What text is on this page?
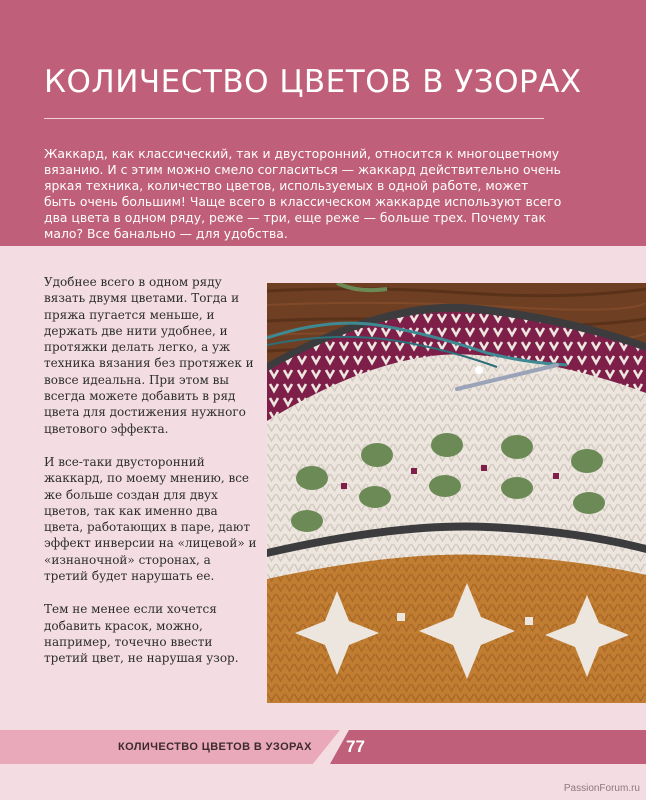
КОЛИЧЕСТВО ЦВЕТОВ В УЗОРАХ

Жаккард, как классический, так и двусторонний, относится к многоцветному вязанию. И с этим можно смело согласиться — жаккард действительно очень яркая техника, количество цветов, используемых в одной работе, может быть очень большим! Чаще всего в классическом жаккарде используют всего два цвета в одном ряду, реже — три, еще реже — больше трех. Почему так мало? Все банально — для удобства.

Удобнее всего в одном ряду вязать двумя цветами. Тогда и пряжа пугается меньше, и держать две нити удобнее, и протяжки делать легко, а уж техника вязания без протяжек и вовсе идеальна. При этом вы всегда можете добавить в ряд цвета для достижения нужного цветового эффекта.

И все-таки двусторонний жаккард, по моему мнению, все же больше создан для двух цветов, так как именно два цвета, работающих в паре, дают эффект инверсии на «лицевой» и «изнаночной» сторонах, а третий будет нарушать ее.

Тем не менее если хочется добавить красок, можно, например, точечно ввести третий цвет, не нарушая узор.

КОЛИЧЕСТВО ЦВЕТОВ В УЗОРАХ 77
PassionForum.ru
